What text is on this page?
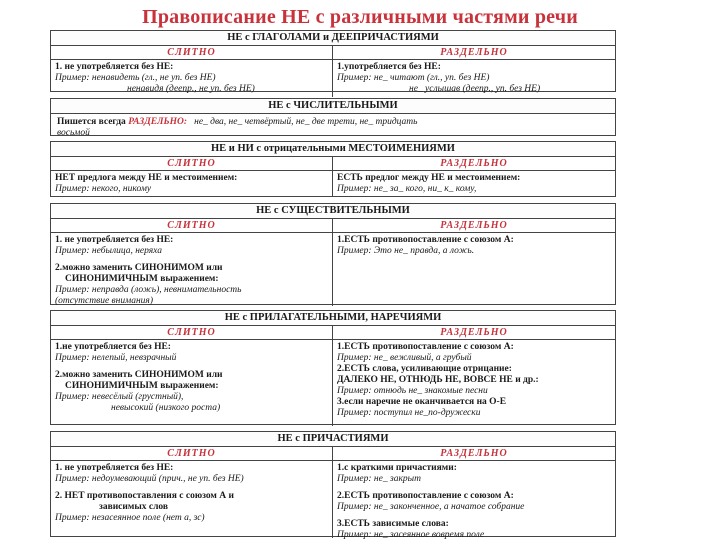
Правописание НЕ с различными частями речи
НЕ с ГЛАГОЛАМИ и ДЕЕПРИЧАСТИЯМИ
СЛИТНО
1. не употребляется без НЕ:
Пример: ненавидеть (гл., не уп. без НЕ)
ненавидя (деепр., не уп. без НЕ)
РАЗДЕЛЬНО
1.употребляется без НЕ:
Пример: не_ читают (гл., уп. без НЕ)
не_ услышав (деепр., уп. без НЕ)
НЕ с ЧИСЛИТЕЛЬНЫМИ
Пишется всегда РАЗДЕЛЬНО: не_ два, не_ четвёртый, не_ две трети, не_ тридцать
восьмой
НЕ и НИ с отрицательными МЕСТОИМЕНИЯМИ
СЛИТНО
НЕТ предлога между НЕ и местоимением:
Пример: некого, никому
РАЗДЕЛЬНО
ЕСТЬ предлог между НЕ и местоимением:
Пример: не_ за_ кого, ни_ к_ кому,
НЕ с СУЩЕСТВИТЕЛЬНЫМИ
СЛИТНО
1. не употребляется без НЕ:
Пример: небылица, неряха
2.можно заменить СИНОНИМОМ или
СИНОНИМИЧНЫМ выражением:
Пример: неправда (ложь), невнимательность
(отсутствие внимания)
РАЗДЕЛЬНО
1.ЕСТЬ противопоставление с союзом А:
Пример: Это не_ правда, а ложь.
НЕ с ПРИЛАГАТЕЛЬНЫМИ, НАРЕЧИЯМИ
СЛИТНО
1.не употребляется без НЕ:
Пример: нелепый, невзрачный
2.можно заменить СИНОНИМОМ или
СИНОНИМИЧНЫМ выражением:
Пример: невесёлый (грустный),
невысокий (низкого роста)
РАЗДЕЛЬНО
1.ЕСТЬ противопоставление с союзом А:
Пример: не_ вежливый, а грубый
2.ЕСТЬ слова, усиливающие отрицание:
ДАЛЕКО НЕ, ОТНЮДЬ НЕ, ВОВСЕ НЕ и др.:
Пример: отнюдь не_ знакомые песни
3.если наречие не оканчивается на О-Е
Пример: поступил не_по-дружески
НЕ с ПРИЧАСТИЯМИ
СЛИТНО
1. не употребляется без НЕ:
Пример: недоумевающий (прич., не уп. без НЕ)
2. НЕТ противопоставления с союзом А и
зависимых слов
Пример: незасеянное поле (нет а, зс)
РАЗДЕЛЬНО
1.с краткими причастиями:
Пример: не_ закрыт
2.ЕСТЬ противопоставление с союзом А:
Пример: не_ законченное, а начатое собрание
3.ЕСТЬ зависимые слова:
Пример: не_ засеянное вовремя поле
